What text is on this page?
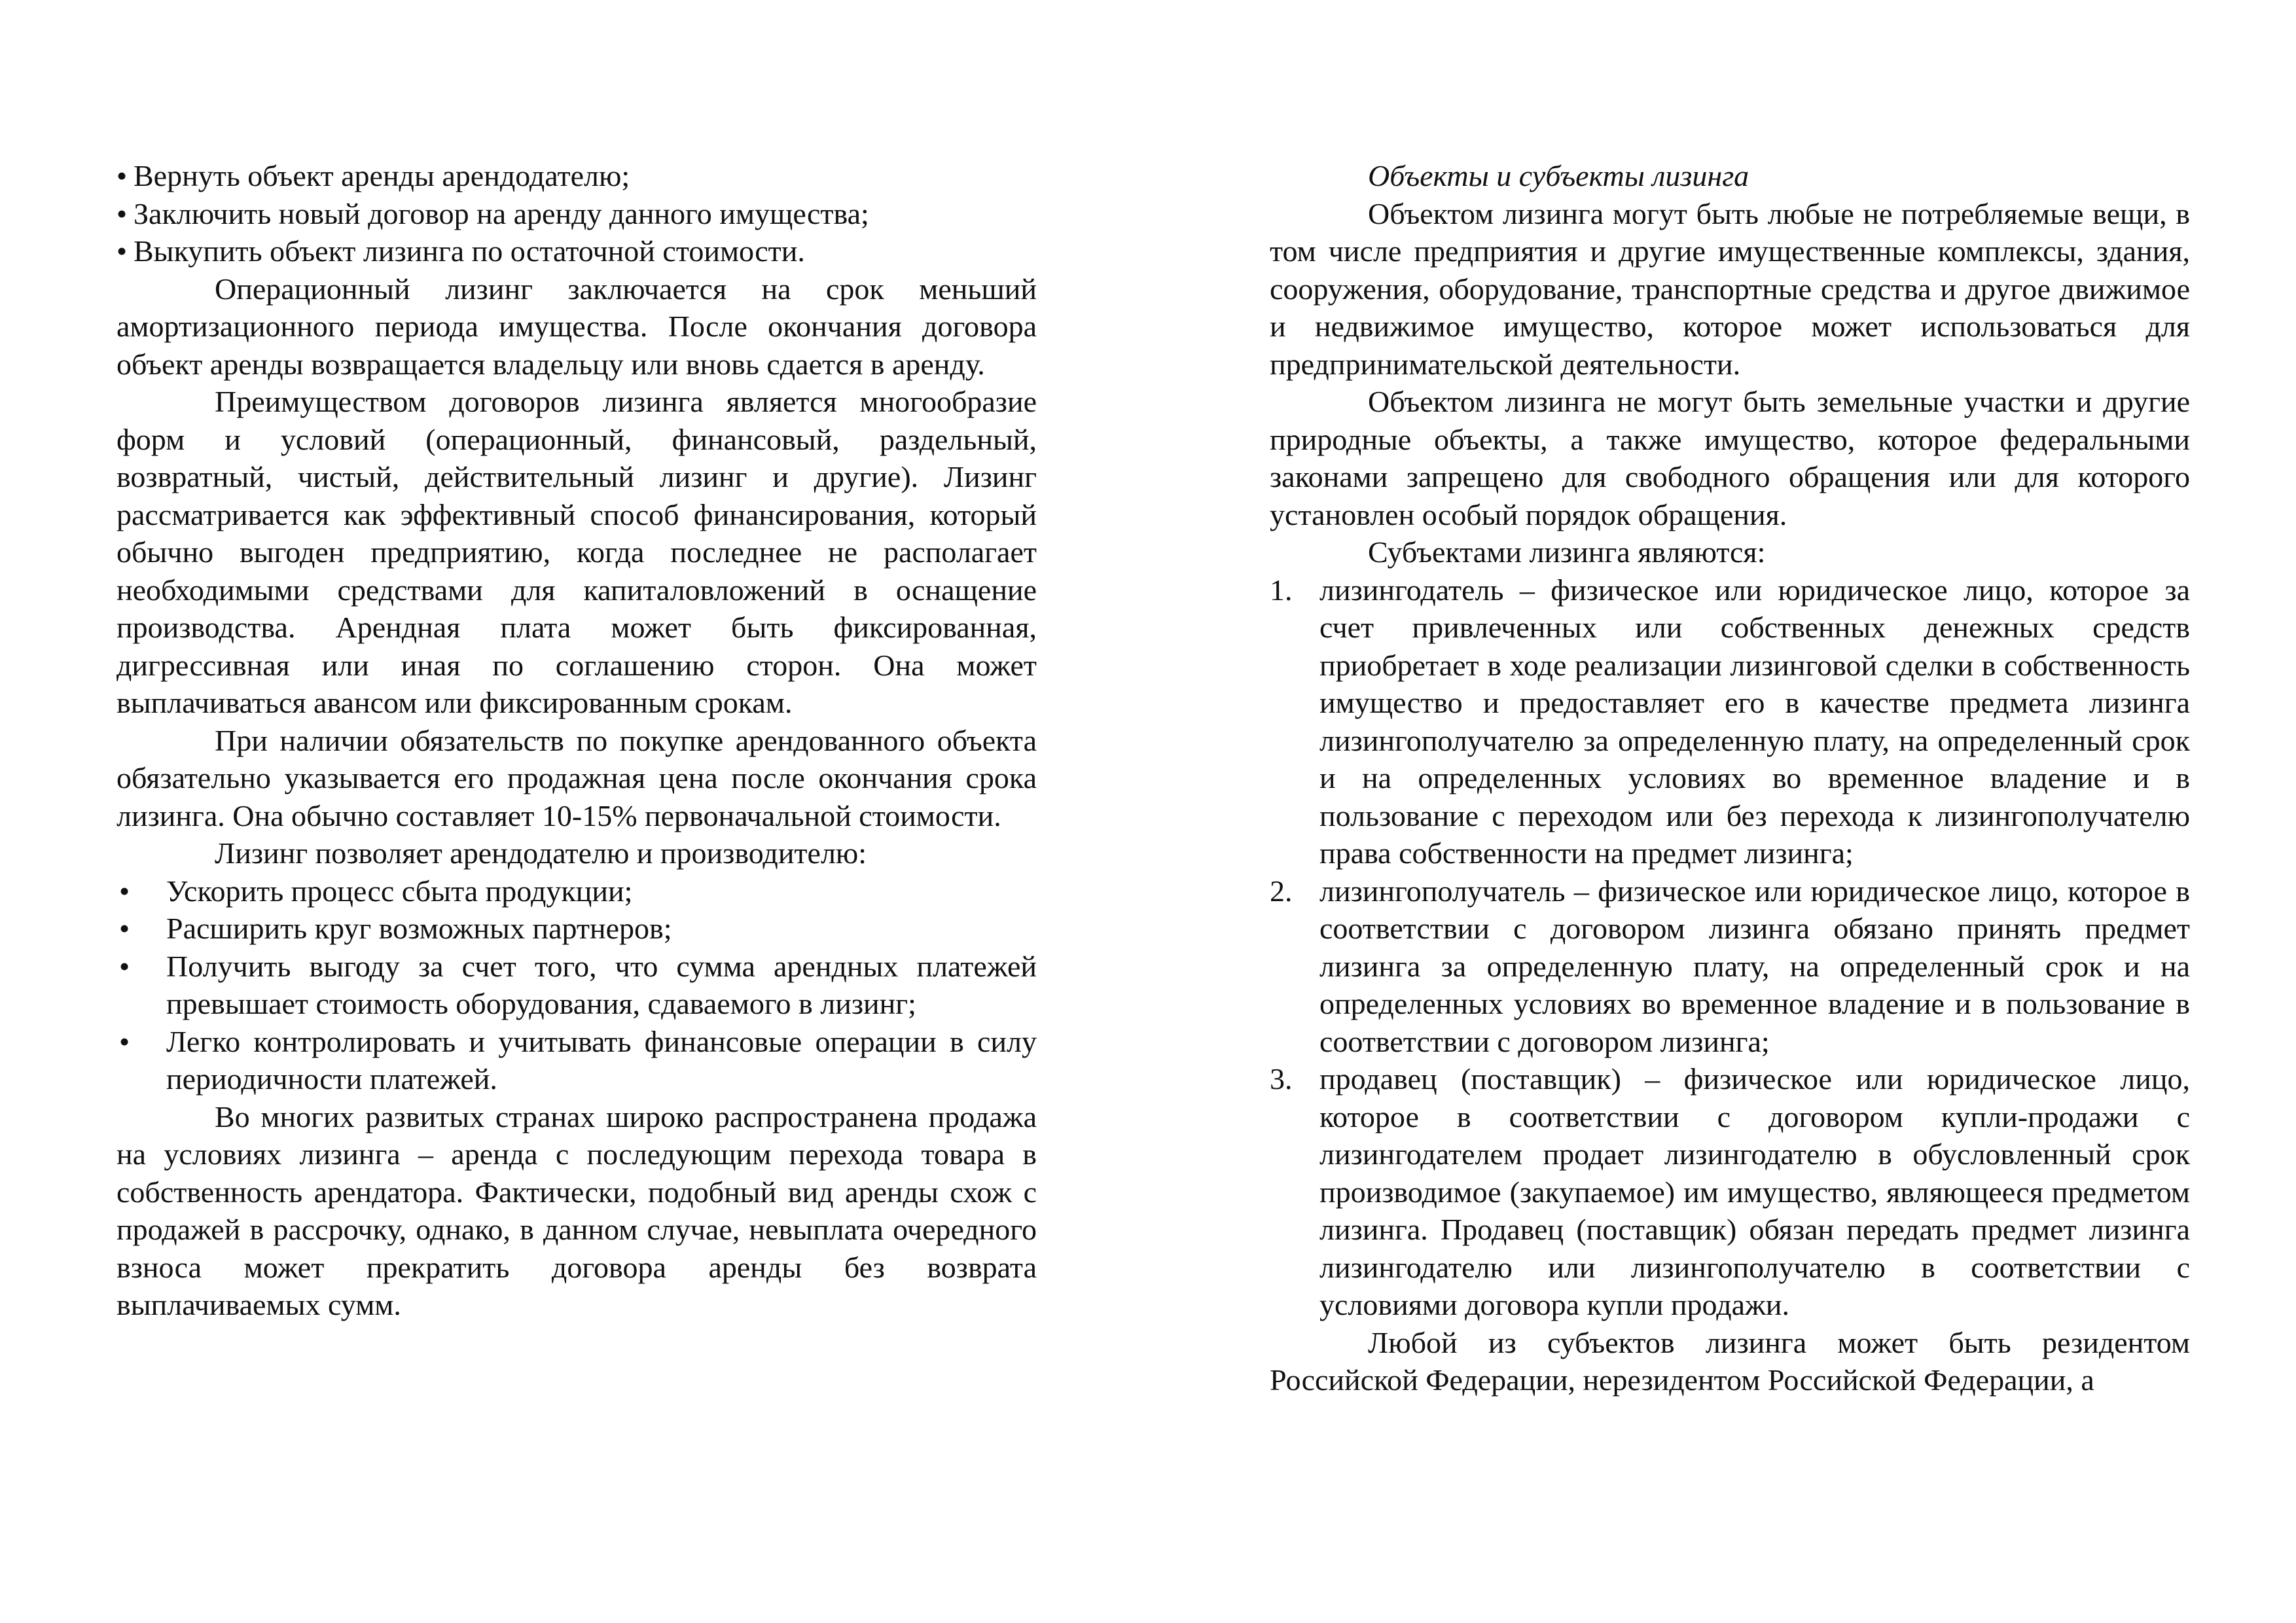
• Вернуть объект аренды арендодателю;
• Заключить новый договор на аренду данного имущества;
• Выкупить объект лизинга по остаточной стоимости.

Операционный лизинг заключается на срок меньший амортизационного периода имущества. После окончания договора объект аренды возвращается владельцу или вновь сдается в аренду.

Преимуществом договоров лизинга является многообразие форм и условий (операционный, финансовый, раздельный, возвратный, чистый, действительный лизинг и другие). Лизинг рассматривается как эффективный способ финансирования, который обычно выгоден предприятию, когда последнее не располагает необходимыми средствами для капиталовложений в оснащение производства. Арендная плата может быть фиксированная, дигрессивная или иная по соглашению сторон. Она может выплачиваться авансом или фиксированным срокам.

При наличии обязательств по покупке арендованного объекта обязательно указывается его продажная цена после окончания срока лизинга. Она обычно составляет 10-15% первоначальной стоимости.

Лизинг позволяет арендодателю и производителю:

•	Ускорить процесс сбыта продукции;
•	Расширить круг возможных партнеров;
•	Получить выгоду за счет того, что сумма арендных платежей превышает стоимость оборудования, сдаваемого в лизинг;
•	Легко контролировать и учитывать финансовые операции в силу периодичности платежей.

Во многих развитых странах широко распространена продажа на условиях лизинга – аренда с последующим перехода товара в собственность арендатора. Фактически, подобный вид аренды схож с продажей в рассрочку, однако, в данном случае, невыплата очередного взноса может прекратить договора аренды без возврата выплачиваемых сумм.

Объекты и субъекты лизинга

Объектом лизинга могут быть любые не потребляемые вещи, в том числе предприятия и другие имущественные комплексы, здания, сооружения, оборудование, транспортные средства и другое движимое и недвижимое имущество, которое может использоваться для предпринимательской деятельности.

Объектом лизинга не могут быть земельные участки и другие природные объекты, а также имущество, которое федеральными законами запрещено для свободного обращения или для которого установлен особый порядок обращения.

Субъектами лизинга являются:

1. лизингодатель – физическое или юридическое лицо, которое за счет привлеченных или собственных денежных средств приобретает в ходе реализации лизинговой сделки в собственность имущество и предоставляет его в качестве предмета лизинга лизингополучателю за определенную плату, на определенный срок и на определенных условиях во временное владение и в пользование с переходом или без перехода к лизингополучателю права собственности на предмет лизинга;
2. лизингополучатель – физическое или юридическое лицо, которое в соответствии с договором лизинга обязано принять предмет лизинга за определенную плату, на определенный срок и на определенных условиях во временное владение и в пользование в соответствии с договором лизинга;
3. продавец (поставщик) – физическое или юридическое лицо, которое в соответствии с договором купли-продажи с лизингодателем продает лизингодателю в обусловленный срок производимое (закупаемое) им имущество, являющееся предметом лизинга. Продавец (поставщик) обязан передать предмет лизинга лизингодателю или лизингополучателю в соответствии с условиями договора купли продажи.

Любой из субъектов лизинга может быть резидентом Российской Федерации, нерезидентом Российской Федерации, а
